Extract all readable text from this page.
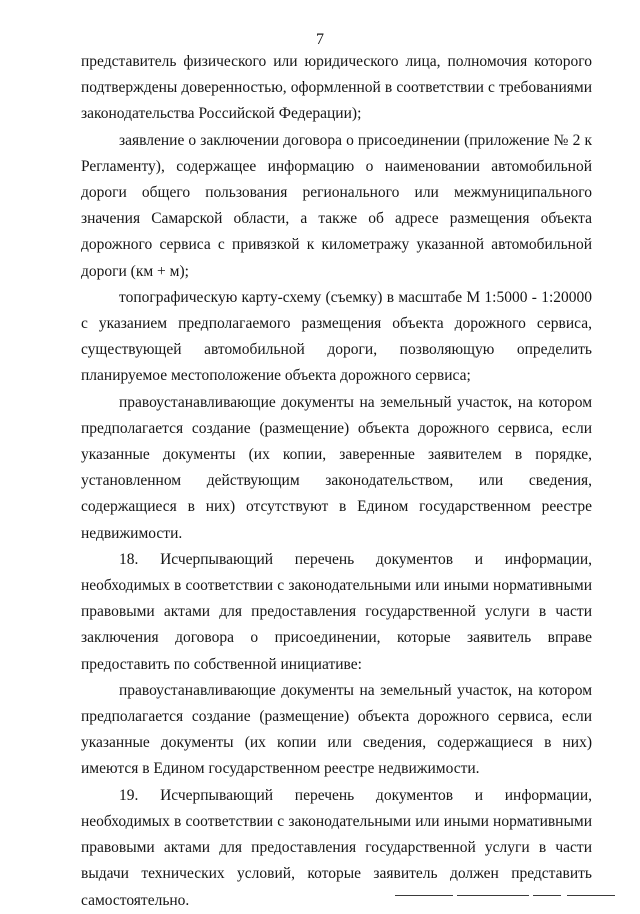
7

представитель физического или юридического лица, полномочия которого подтверждены доверенностью, оформленной в соответствии с требованиями законодательства Российской Федерации);

заявление о заключении договора о присоединении (приложение № 2 к Регламенту), содержащее информацию о наименовании автомобильной дороги общего пользования регионального или межмуниципального значения Самарской области, а также об адресе размещения объекта дорожного сервиса с привязкой к километражу указанной автомобильной дороги (км + м);

топографическую карту-схему (съемку) в масштабе М 1:5000 - 1:20000 с указанием предполагаемого размещения объекта дорожного сервиса, существующей автомобильной дороги, позволяющую определить планируемое местоположение объекта дорожного сервиса;

правоустанавливающие документы на земельный участок, на котором предполагается создание (размещение) объекта дорожного сервиса, если указанные документы (их копии, заверенные заявителем в порядке, установленном действующим законодательством, или сведения, содержащиеся в них) отсутствуют в Едином государственном реестре недвижимости.

18. Исчерпывающий перечень документов и информации, необходимых в соответствии с законодательными или иными нормативными правовыми актами для предоставления государственной услуги в части заключения договора о присоединении, которые заявитель вправе предоставить по собственной инициативе:

правоустанавливающие документы на земельный участок, на котором предполагается создание (размещение) объекта дорожного сервиса, если указанные документы (их копии или сведения, содержащиеся в них) имеются в Едином государственном реестре недвижимости.

19. Исчерпывающий перечень документов и информации, необходимых в соответствии с законодательными или иными нормативными правовыми актами для предоставления государственной услуги в части выдачи технических условий, которые заявитель должен представить самостоятельно.
